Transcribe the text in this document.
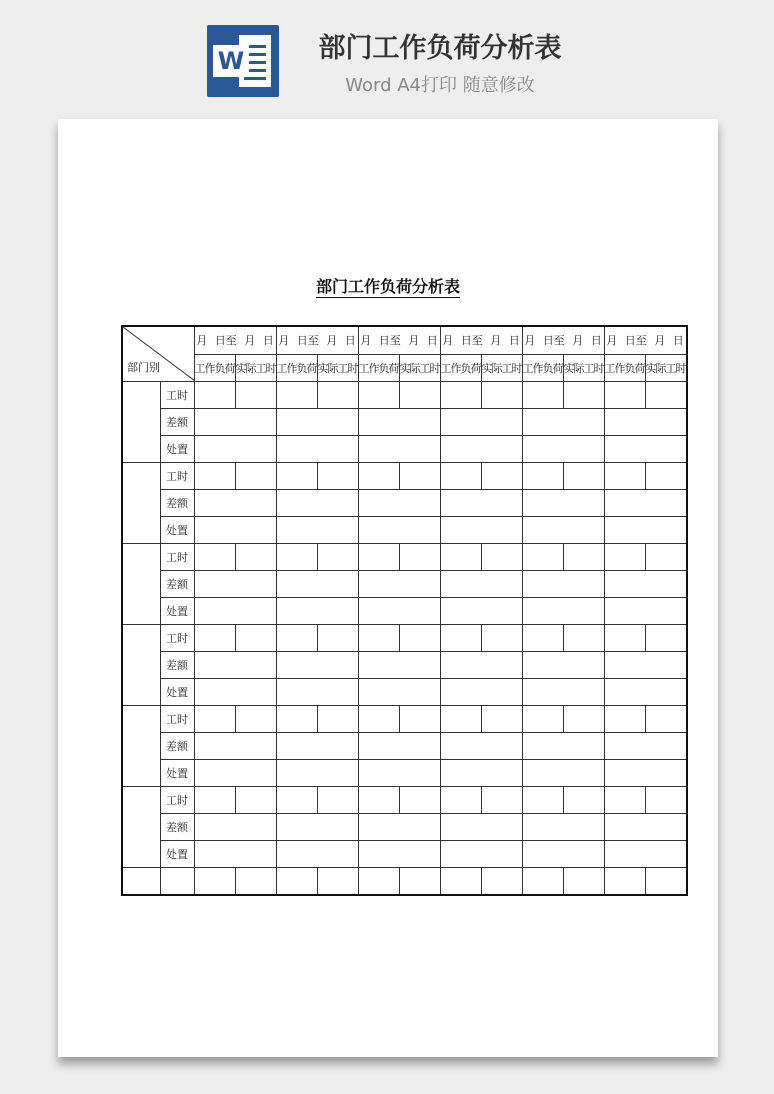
W	部门工作负荷分析表
Word A4打印 随意修改
部门工作负荷分析表
部门别		月 日至 月 日		月 日至 月 日		月 日至 月 日		月 日至 月 日		月 日至 月 日		月 日至 月 日	
		工作负荷	实际工时	工作负荷	实际工时	工作负荷	实际工时	工作负荷	实际工时	工作负荷	实际工时	工作负荷	实际工时
	工时												
	差额												
	处置												
	工时												
	差额												
	处置												
	工时												
	差额												
	处置												
	工时												
	差额												
	处置												
	工时												
	差额												
	处置												
	工时												
	差额												
	处置												
